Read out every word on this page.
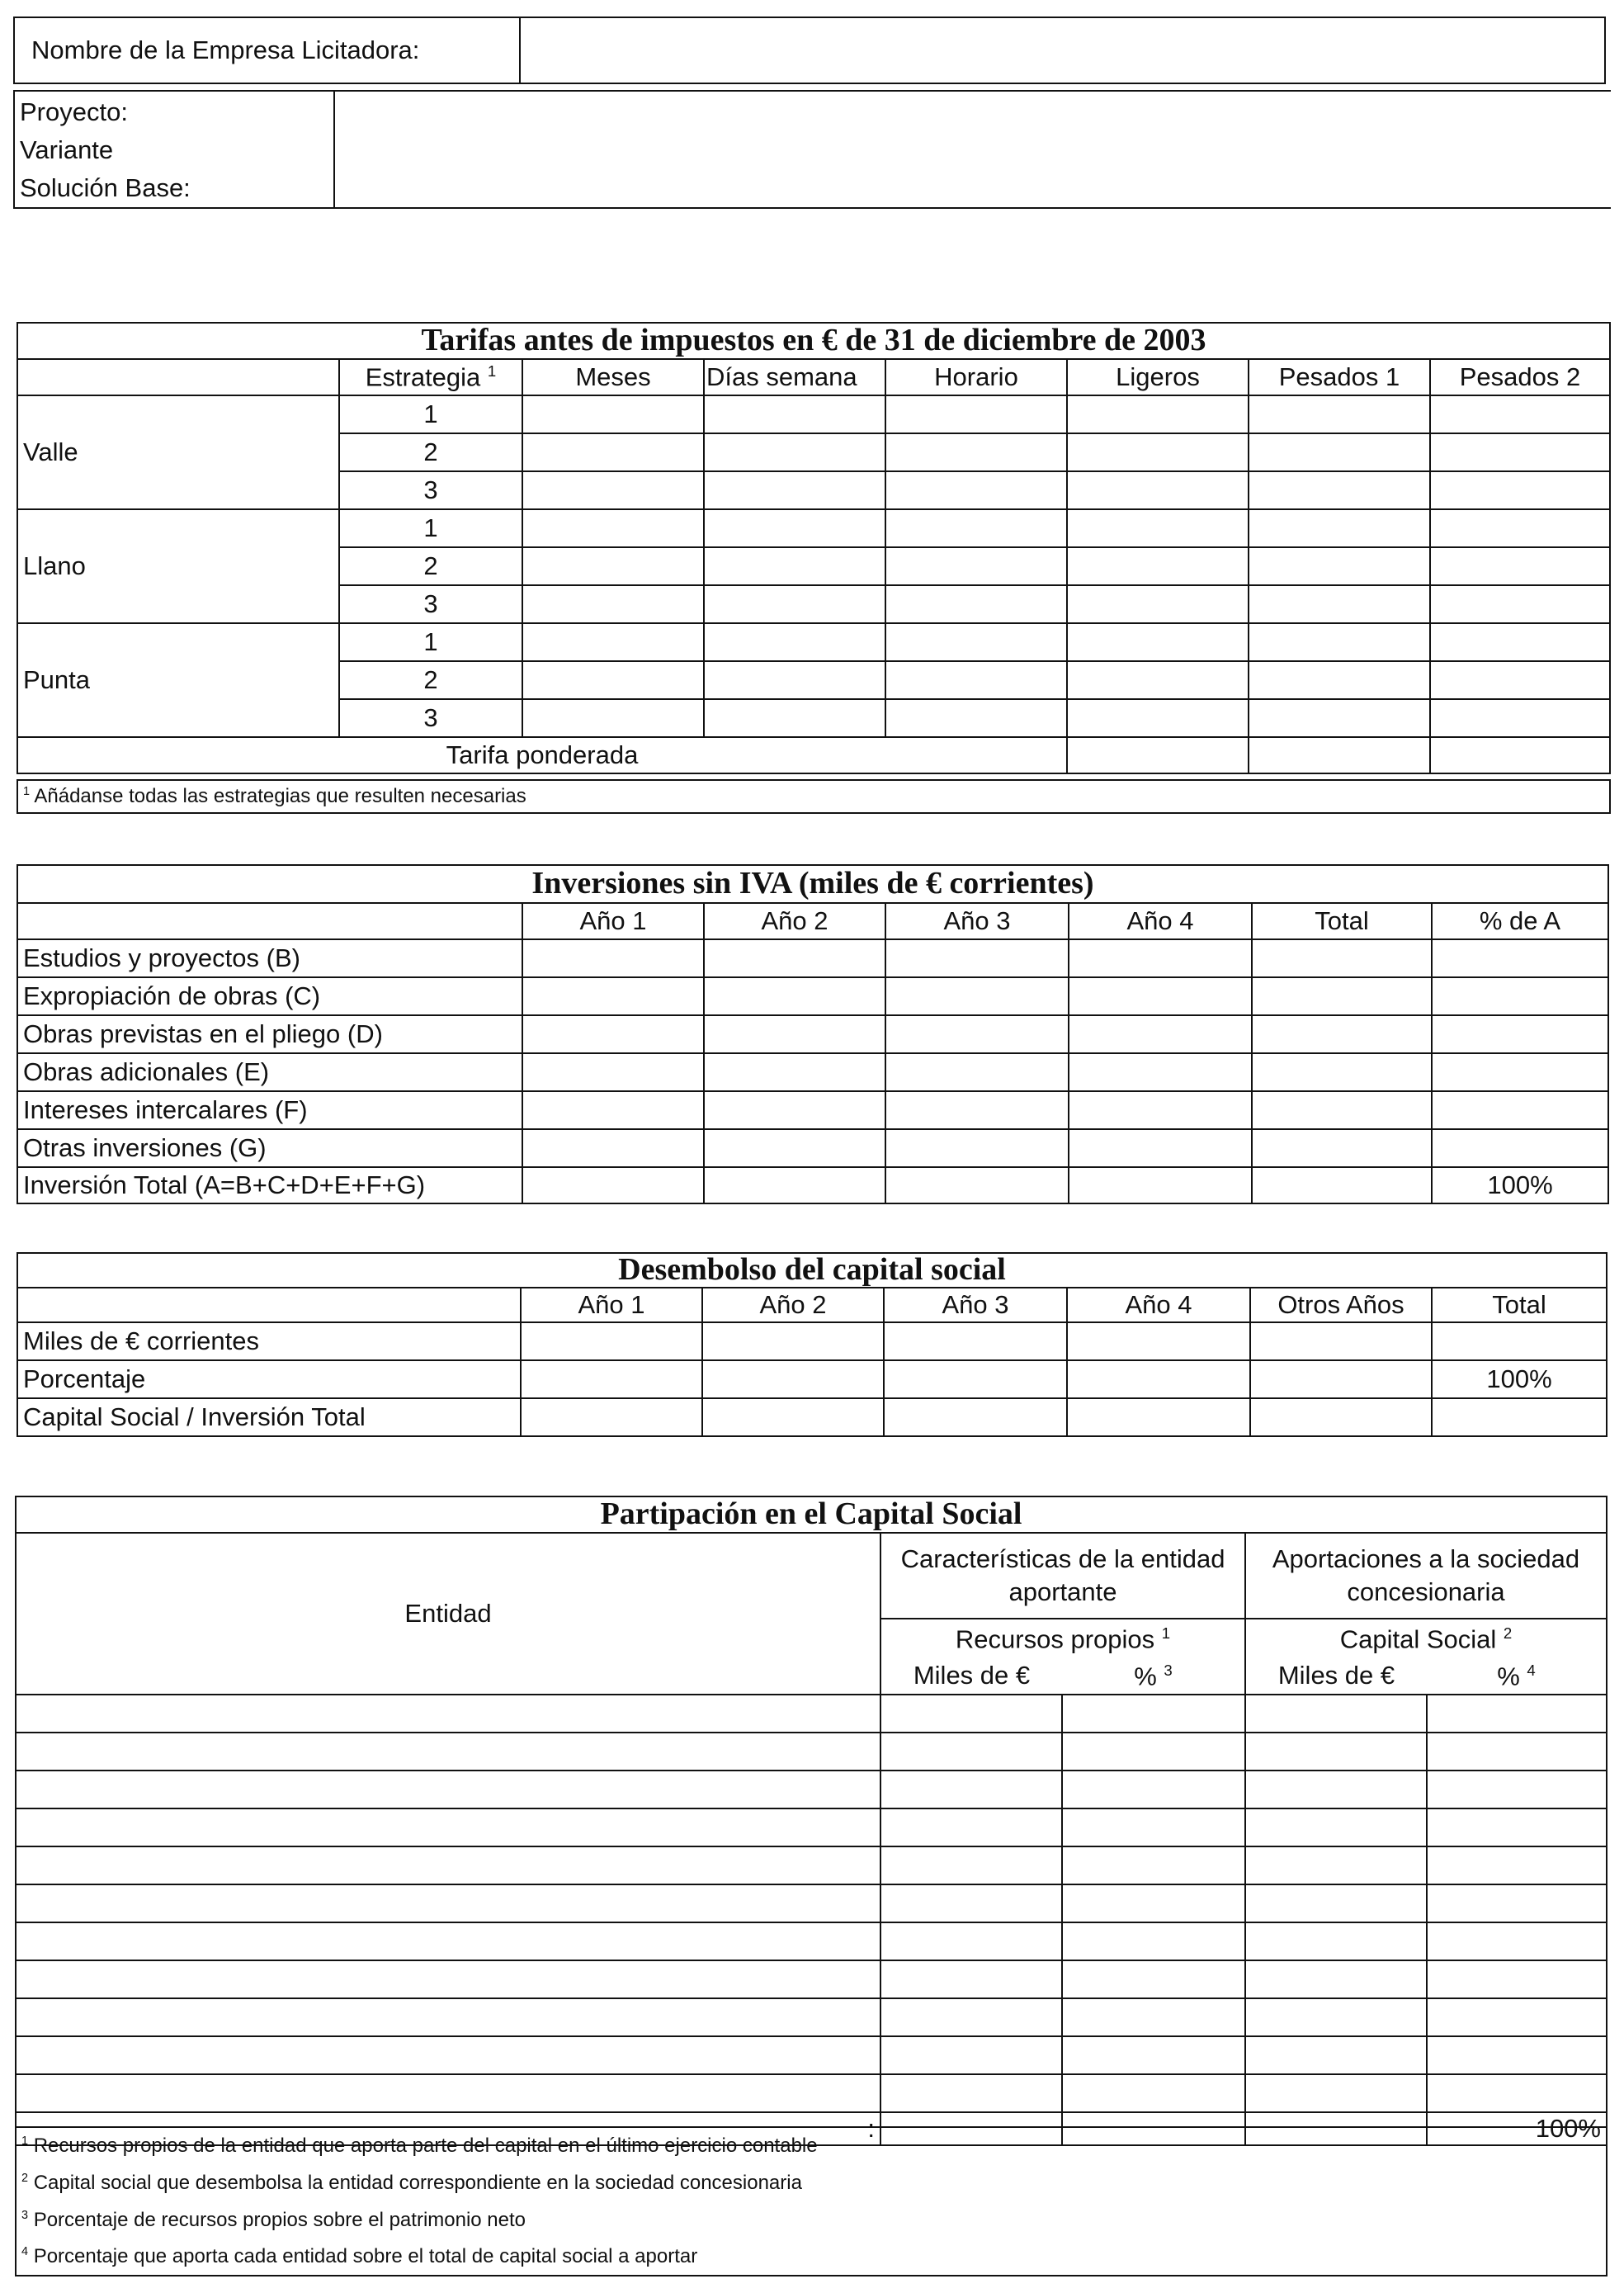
Nombre de la Empresa Licitadora:	
Proyecto:
Variante
Solución Base:

Tarifas antes de impuestos en € de 31 de diciembre de 2003							
	Estrategia $^1$	Meses	Días semana	Horario	Ligeros	Pesados 1	Pesados 2
Valle	1						
	2						
	3						
Llano	1						
	2						
	3						
Punta	1						
	2						
	3						
Tarifa ponderada							

$^1$ Añádanse todas las estrategias que resulten necesarias							
Inversiones sin IVA (miles de € corrientes)						
	Año 1	Año 2	Año 3	Año 4	Total	% de A
Estudios y proyectos (B)						
Expropiación de obras (C)						
Obras previstas en el pliego (D)						
Obras adicionales (E)						
Intereses intercalares (F)						
Otras inversiones (G)						
Inversión Total (A=B+C+D+E+F+G)						100%
Desembolso del capital social						
	Año 1	Año 2	Año 3	Año 4	Otros Años	Total
Miles de € corrientes						
Porcentaje						100%
Capital Social / Inversión Total						
Partipación en el Capital Social				
Entidad	Características de la entidad aportante		Aportaciones a la sociedad concesionaria	
	Recursos propios $^1$		Capital Social $^2$
	Miles de €	% $^3$	Miles de €	% $^4$

:				100%
$^1$ Recursos propios de la entidad que aporta parte del capital en el último ejercicio contable
$^2$ Capital social que desembolsa la entidad correspondiente en la sociedad concesionaria
$^3$ Porcentaje de recursos propios sobre el patrimonio neto
$^4$ Porcentaje que aporta cada entidad sobre el total de capital social a aportar
